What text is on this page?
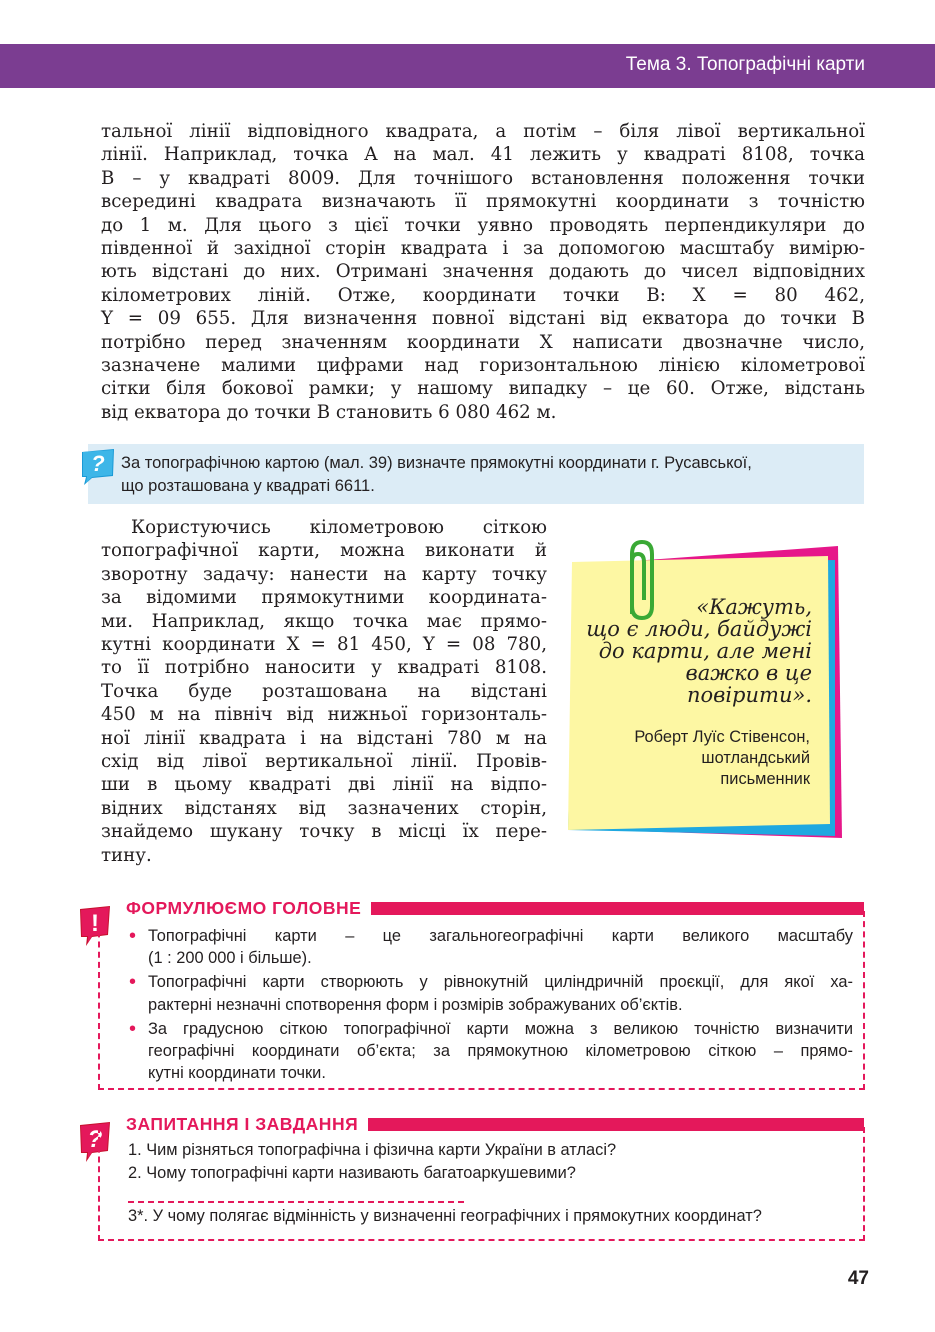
Тема 3. Топографічні карти
тальної лінії відповідного квадрата, а потім – біля лівої вертикальної
лінії. Наприклад, точка A на мал. 41 лежить у квадраті 8108, точка
B – у квадраті 8009. Для точнішого встановлення положення точки
всередині квадрата визначають її прямокутні координати з точністю
до 1 м. Для цього з цієї точки уявно проводять перпендикуляри до
південної й західної сторін квадрата і за допомогою масштабу вимірю-
ють відстані до них. Отримані значення додають до чисел відповідних
кілометрових ліній. Отже, координати точки B: X = 80 462,
Y = 09 655. Для визначення повної відстані від екватора до точки B
потрібно перед значенням координати X написати двозначне число,
зазначене малими цифрами над горизонтальною лінією кілометрової
сітки біля бокової рамки; у нашому випадку – це 60. Отже, відстань
від екватора до точки B становить 6 080 462 м.
? За топографічною картою (мал. 39) визначте прямокутні координати г. Русавської,
що розташована у квадраті 6611.
Користуючись кілометровою сіткою
топографічної карти, можна виконати й
зворотну задачу: нанести на карту точку
за відомими прямокутними координата-
ми. Наприклад, якщо точка має прямо-
кутні координати X = 81 450, Y = 08 780,
то її потрібно наносити у квадраті 8108.
Точка буде розташована на відстані
450 м на північ від нижньої горизонталь-
ної лінії квадрата і на відстані 780 м на
схід від лівої вертикальної лінії. Провів-
ши в цьому квадраті дві лінії на відпо-
відних відстанях від зазначених сторін,
знайдемо шукану точку в місці їх пере-
тину.
«Кажуть,
що є люди, байдужі
до карти, але мені
важко в це
повірити».
Роберт Луїс Стівенсон,
шотландський
письменник
!
ФОРМУЛЮЄМО ГОЛОВНЕ
• Топографічні карти – це загальногеографічні карти великого масштабу
(1 : 200 000 і більше).
• Топографічні карти створюють у рівнокутній циліндричній проєкції, для якої ха-
рактерні незначні спотворення форм і розмірів зображуваних об’єктів.
• За градусною сіткою топографічної карти можна з великою точністю визначити
географічні координати об’єкта; за прямокутною кілометровою сіткою – прямо-
кутні координати точки.
?
ЗАПИТАННЯ І ЗАВДАННЯ
1. Чим різняться топографічна і фізична карти України в атласі?
2. Чому топографічні карти називають багатоаркушевими?
3*. У чому полягає відмінність у визначенні географічних і прямокутних координат?
47
